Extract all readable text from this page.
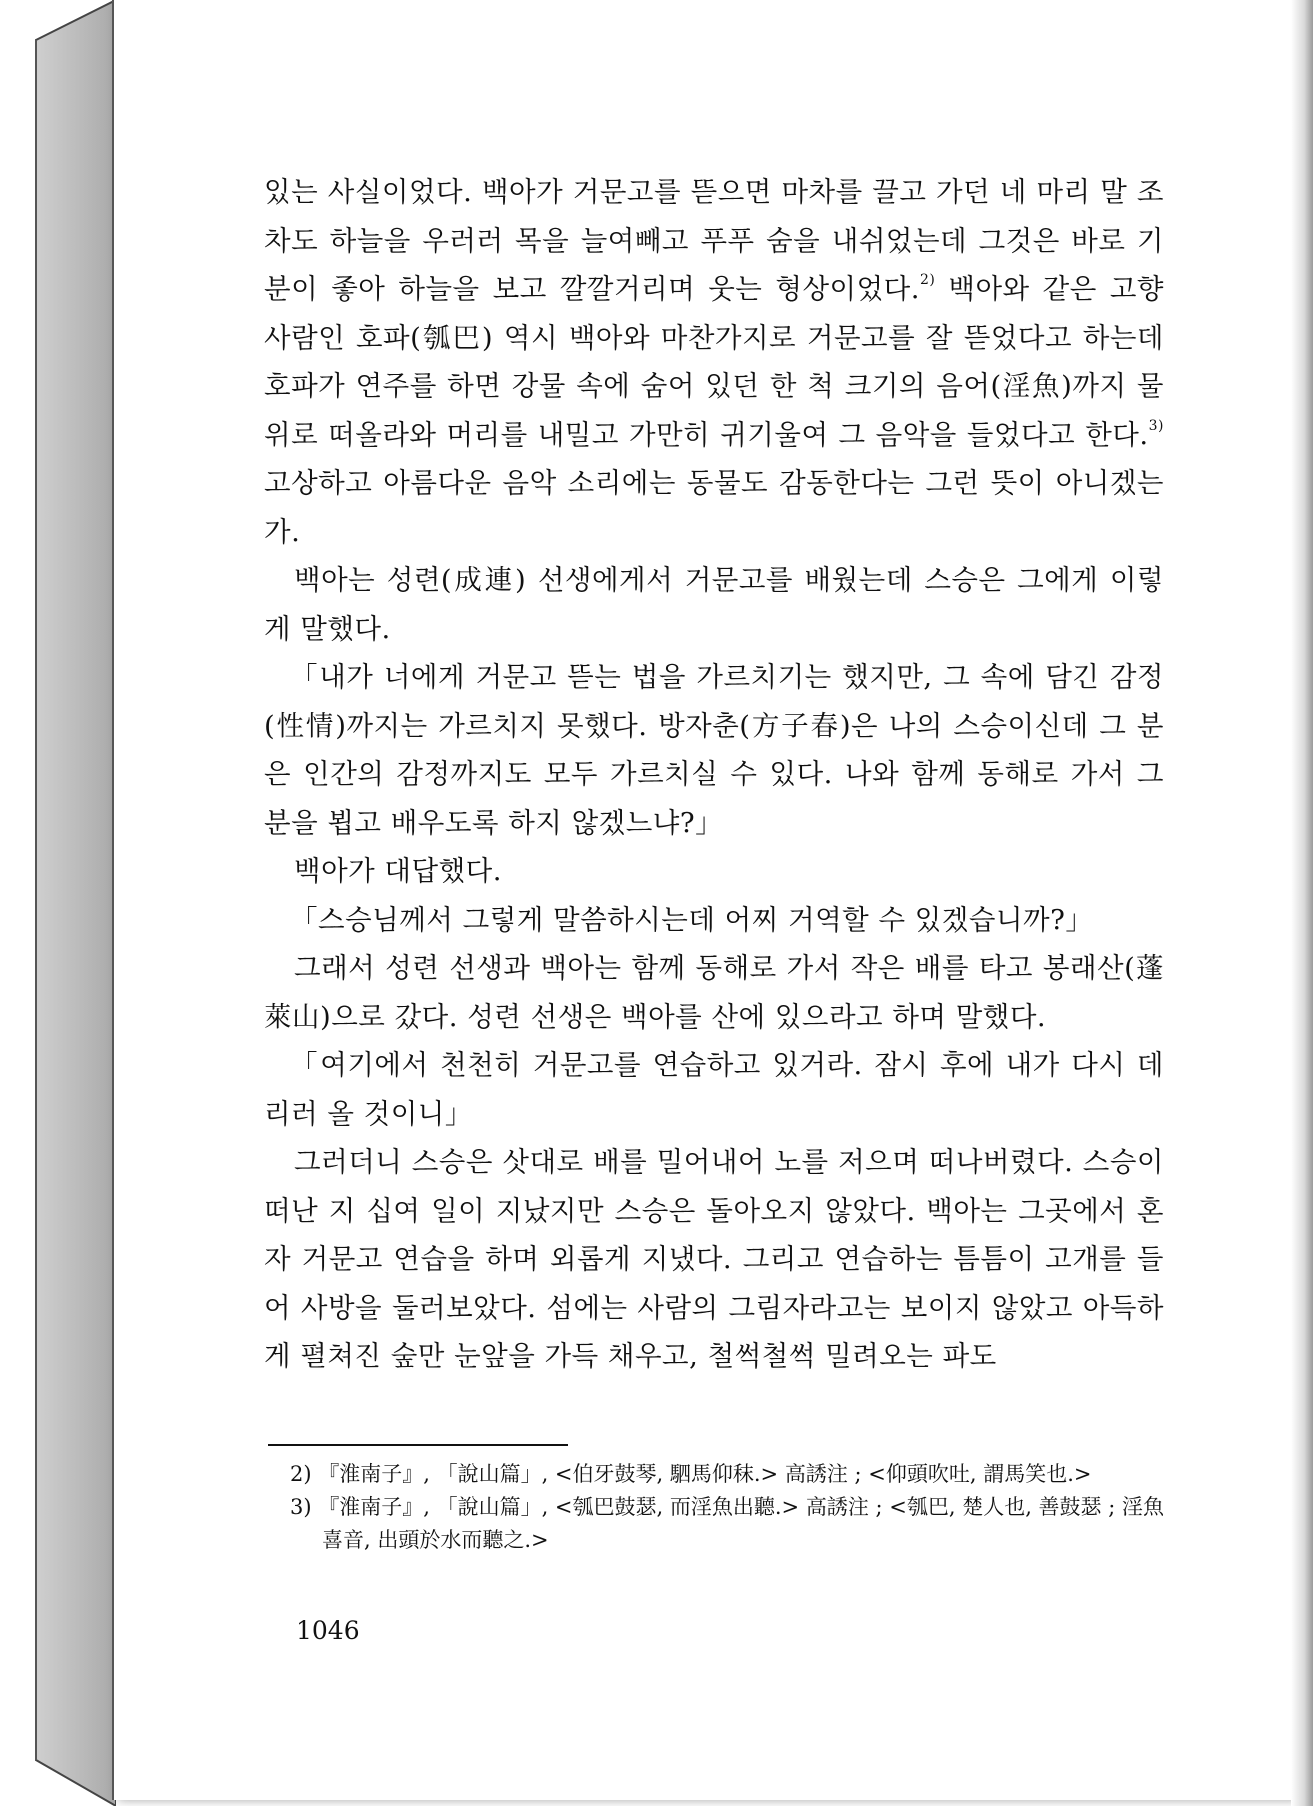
있는 사실이었다. 백아가 거문고를 뜯으면 마차를 끌고 가던 네 마리 말 조차도 하늘을 우러러 목을 늘여빼고 푸푸 숨을 내쉬었는데 그것은 바로 기분이 좋아 하늘을 보고 깔깔거리며 웃는 형상이었다.$^{2)}$ 백아와 같은 고향 사람인 호파(瓠巴) 역시 백아와 마찬가지로 거문고를 잘 뜯었다고 하는데 호파가 연주를 하면 강물 속에 숨어 있던 한 척 크기의 음어(淫魚)까지 물위로 떠올라와 머리를 내밀고 가만히 귀기울여 그 음악을 들었다고 한다.$^{3)}$ 고상하고 아름다운 음악 소리에는 동물도 감동한다는 그런 뜻이 아니겠는가.

백아는 성련(成連) 선생에게서 거문고를 배웠는데 스승은 그에게 이렇게 말했다.

「내가 너에게 거문고 뜯는 법을 가르치기는 했지만, 그 속에 담긴 감정(性情)까지는 가르치지 못했다. 방자춘(方子春)은 나의 스승이신데 그 분은 인간의 감정까지도 모두 가르치실 수 있다. 나와 함께 동해로 가서 그 분을 뵙고 배우도록 하지 않겠느냐?」

백아가 대답했다.

「스승님께서 그렇게 말씀하시는데 어찌 거역할 수 있겠습니까?」

그래서 성련 선생과 백아는 함께 동해로 가서 작은 배를 타고 봉래산(蓬萊山)으로 갔다. 성련 선생은 백아를 산에 있으라고 하며 말했다.

「여기에서 천천히 거문고를 연습하고 있거라. 잠시 후에 내가 다시 데리러 올 것이니」

그러더니 스승은 삿대로 배를 밀어내어 노를 저으며 떠나버렸다. 스승이 떠난 지 십여 일이 지났지만 스승은 돌아오지 않았다. 백아는 그곳에서 혼자 거문고 연습을 하며 외롭게 지냈다. 그리고 연습하는 틈틈이 고개를 들어 사방을 둘러보았다. 섬에는 사람의 그림자라고는 보이지 않았고 아득하게 펼쳐진 숲만 눈앞을 가득 채우고, 철썩철썩 밀려오는 파도

2) 『淮南子』, 「說山篇」, <伯牙鼓琴, 駟馬仰秣.> 高誘注 ; <仰頭吹吐, 謂馬笑也.>
3) 『淮南子』, 「說山篇」, <瓠巴鼓瑟, 而淫魚出聽.> 高誘注 ; <瓠巴, 楚人也, 善鼓瑟 ; 淫魚喜音, 出頭於水而聽之.>
1046
